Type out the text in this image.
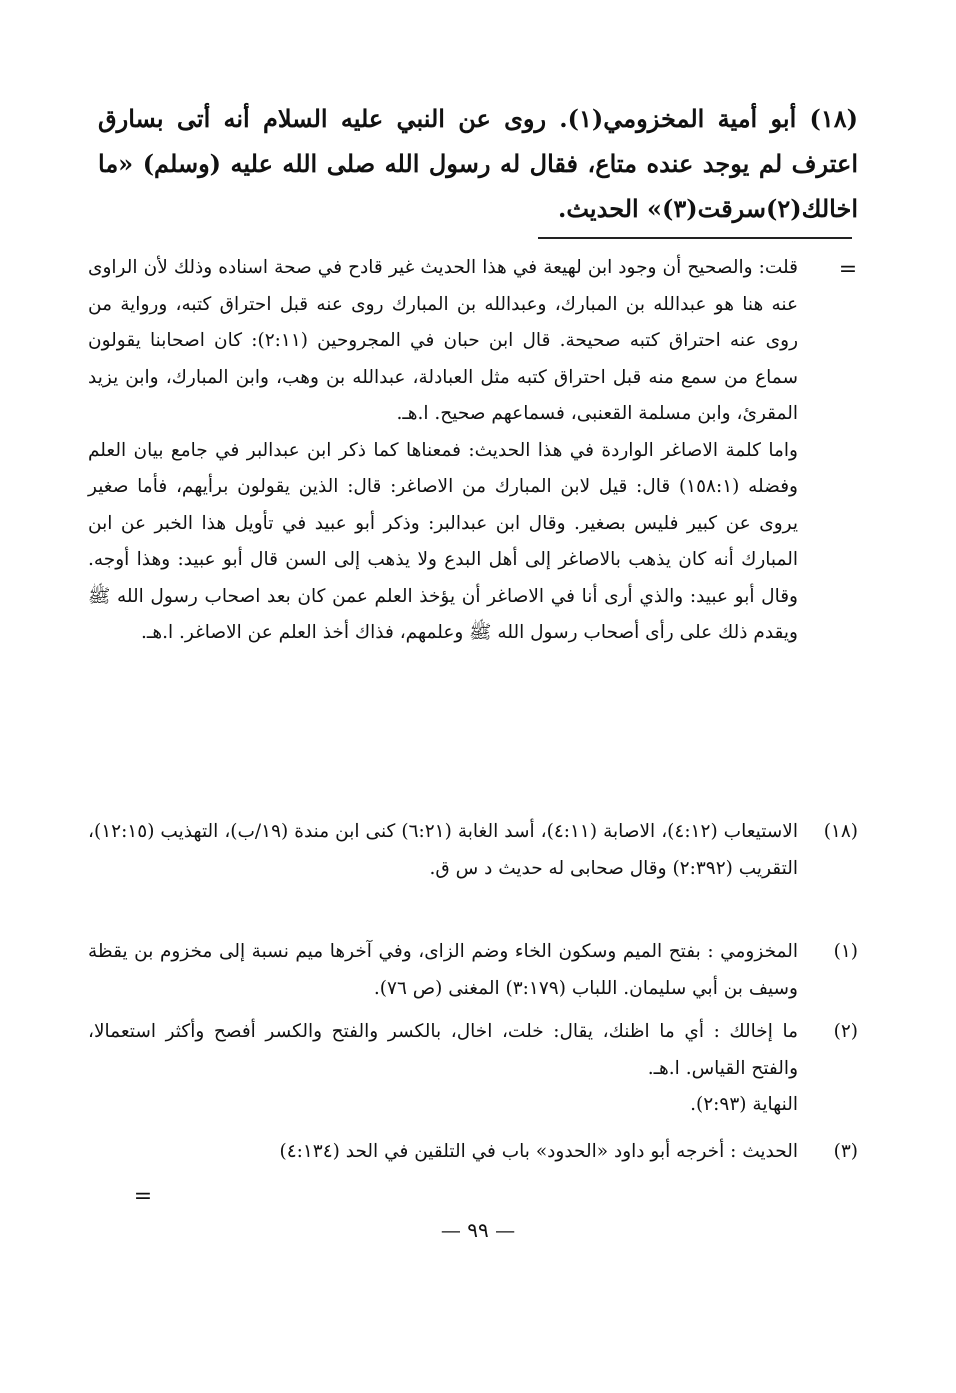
(١٨) أبو أمية المخزومي(١). روى عن النبي عليه السلام أنه أتى بسارق اعترف لم يوجد عنده متاع، فقال له رسول الله صلى الله عليه (وسلم) «ما اخالك(٢)سرقت(٣)» الحديث.

=

قلت: والصحيح أن وجود ابن لهيعة في هذا الحديث غير قادح في صحة اسناده وذلك لأن الراوى عنه هنا هو عبدالله بن المبارك، وعبدالله بن المبارك روى عنه قبل احتراق كتبه، ورواية من روى عنه احتراق كتبه صحيحة. قال ابن حبان في المجروحين (٢:١١): كان اصحابنا يقولون سماع من سمع منه قبل احتراق كتبه مثل العبادلة، عبدالله بن وهب، وابن المبارك، وابن يزيد المقرئ، وابن مسلمة القعنبى، فسماعهم صحيح. ا.هـ.

واما كلمة الاصاغر الواردة في هذا الحديث: فمعناها كما ذكر ابن عبدالبر في جامع بيان العلم وفضله (١٥٨:١) قال: قيل لابن المبارك من الاصاغر: قال: الذين يقولون برأيهم، فأما صغير يروى عن كبير فليس بصغير. وقال ابن عبدالبر: وذكر أبو عبيد في تأويل هذا الخبر عن ابن المبارك أنه كان يذهب بالاصاغر إلى أهل البدع ولا يذهب إلى السن قال أبو عبيد: وهذا أوجه. وقال أبو عبيد: والذي أرى أنا في الاصاغر أن يؤخذ العلم عمن كان بعد اصحاب رسول الله ﷺ ويقدم ذلك على رأى أصحاب رسول الله ﷺ وعلمهم، فذاك أخذ العلم عن الاصاغر. ا.هـ.

(١٨)
الاستيعاب (٤:١٢)، الاصابة (٤:١١)، أسد الغابة (٦:٢١) كنى ابن مندة (١٩/ب)، التهذيب (١٢:١٥)، التقريب (٢:٣٩٢) وقال صحابى له حديث د س ق.
(١)
المخزومي : بفتح الميم وسكون الخاء وضم الزاى، وفي آخرها ميم نسبة إلى مخزوم بن يقظة وسيف بن أبي سليمان. اللباب (٣:١٧٩) المغنى (ص ٧٦).
(٢)

ما إخالك : أي ما اظنك، يقال: خلت، اخال، بالكسر والفتح والكسر أفصح وأكثر استعمالا، والفتح القياس. ا.هـ.

النهاية (٢:٩٣).

(٣)
الحديث : أخرجه أبو داود «الحدود» باب في التلقين في الحد (٤:١٣٤)
=
— ٩٩ —
